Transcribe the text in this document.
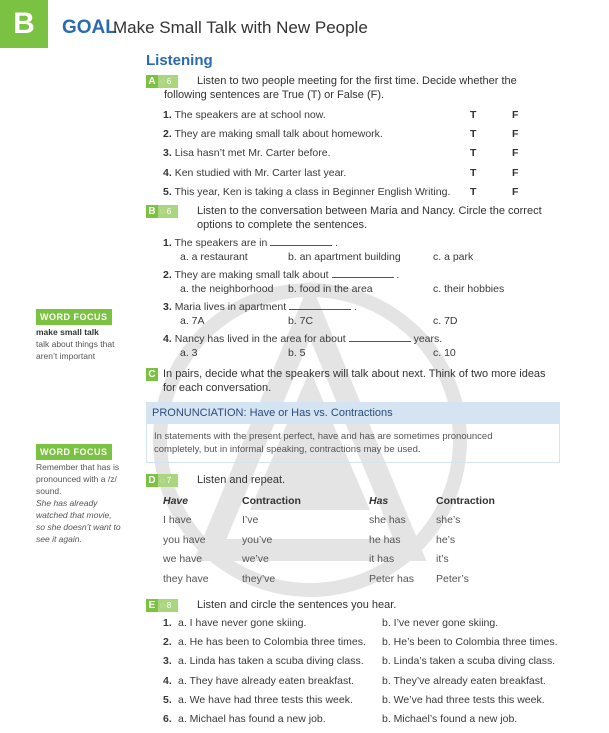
B	GOAL
Make Small Talk with New People
Listening
A ◌ 6 Listen to two people meeting for the first time. Decide whether the
following sentences are True (T) or False (F).
1. The speakers are at school now.	T	F
2. They are making small talk about homework.	T	F
3. Lisa hasn’t met Mr. Carter before.	T	F
4. Ken studied with Mr. Carter last year.	T	F
5. This year, Ken is taking a class in Beginner English Writing. T	F
B ◌ 6 Listen to the conversation between Maria and Nancy. Circle the correct
options to complete the sentences.
1. The speakers are in	.
a. a restaurant	b. an apartment building	c. a park
2. They are making small talk about	.
a. the neighborhood b. food in the area	c. their hobbies
3. Maria lives in apartment	.
a. 7A	b. 7C	c. 7D
4. Nancy has lived in the area for about	years.
a. 3	b. 5	c. 10
C In pairs, decide what the speakers will talk about next. Think of two more ideas
for each conversation.
WORD FOCUS
make small talk
talk about things that
aren’t important
PRONUNCIATION: Have or Has vs. Contractions
In statements with the present perfect, have and has are sometimes pronounced
completely, but in informal speaking, contractions may be used.
WORD FOCUS
Remember that has is
pronounced with a /z/
sound.
She has already
watched that movie,
so she doesn’t want to
see it again.
D ◌ 7 Listen and repeat.
Have	Contraction	Has	Contraction
I have	I’ve	she has	she’s
you have	you’ve	he has	he’s
we have	we’ve	it has	it’s
they have	they’ve	Peter has Peter’s
E ◌ 8 Listen and circle the sentences you hear.
1. a. I have never gone skiing.	b. I’ve never gone skiing.
2. a. He has been to Colombia three times. b. He’s been to Colombia three times.
3. a. Linda has taken a scuba diving class. b. Linda’s taken a scuba diving class.
4. a. They have already eaten breakfast.	b. They’ve already eaten breakfast.
5. a. We have had three tests this week.	b. We’ve had three tests this week.
6. a. Michael has found a new job.	b. Michael’s found a new job.
